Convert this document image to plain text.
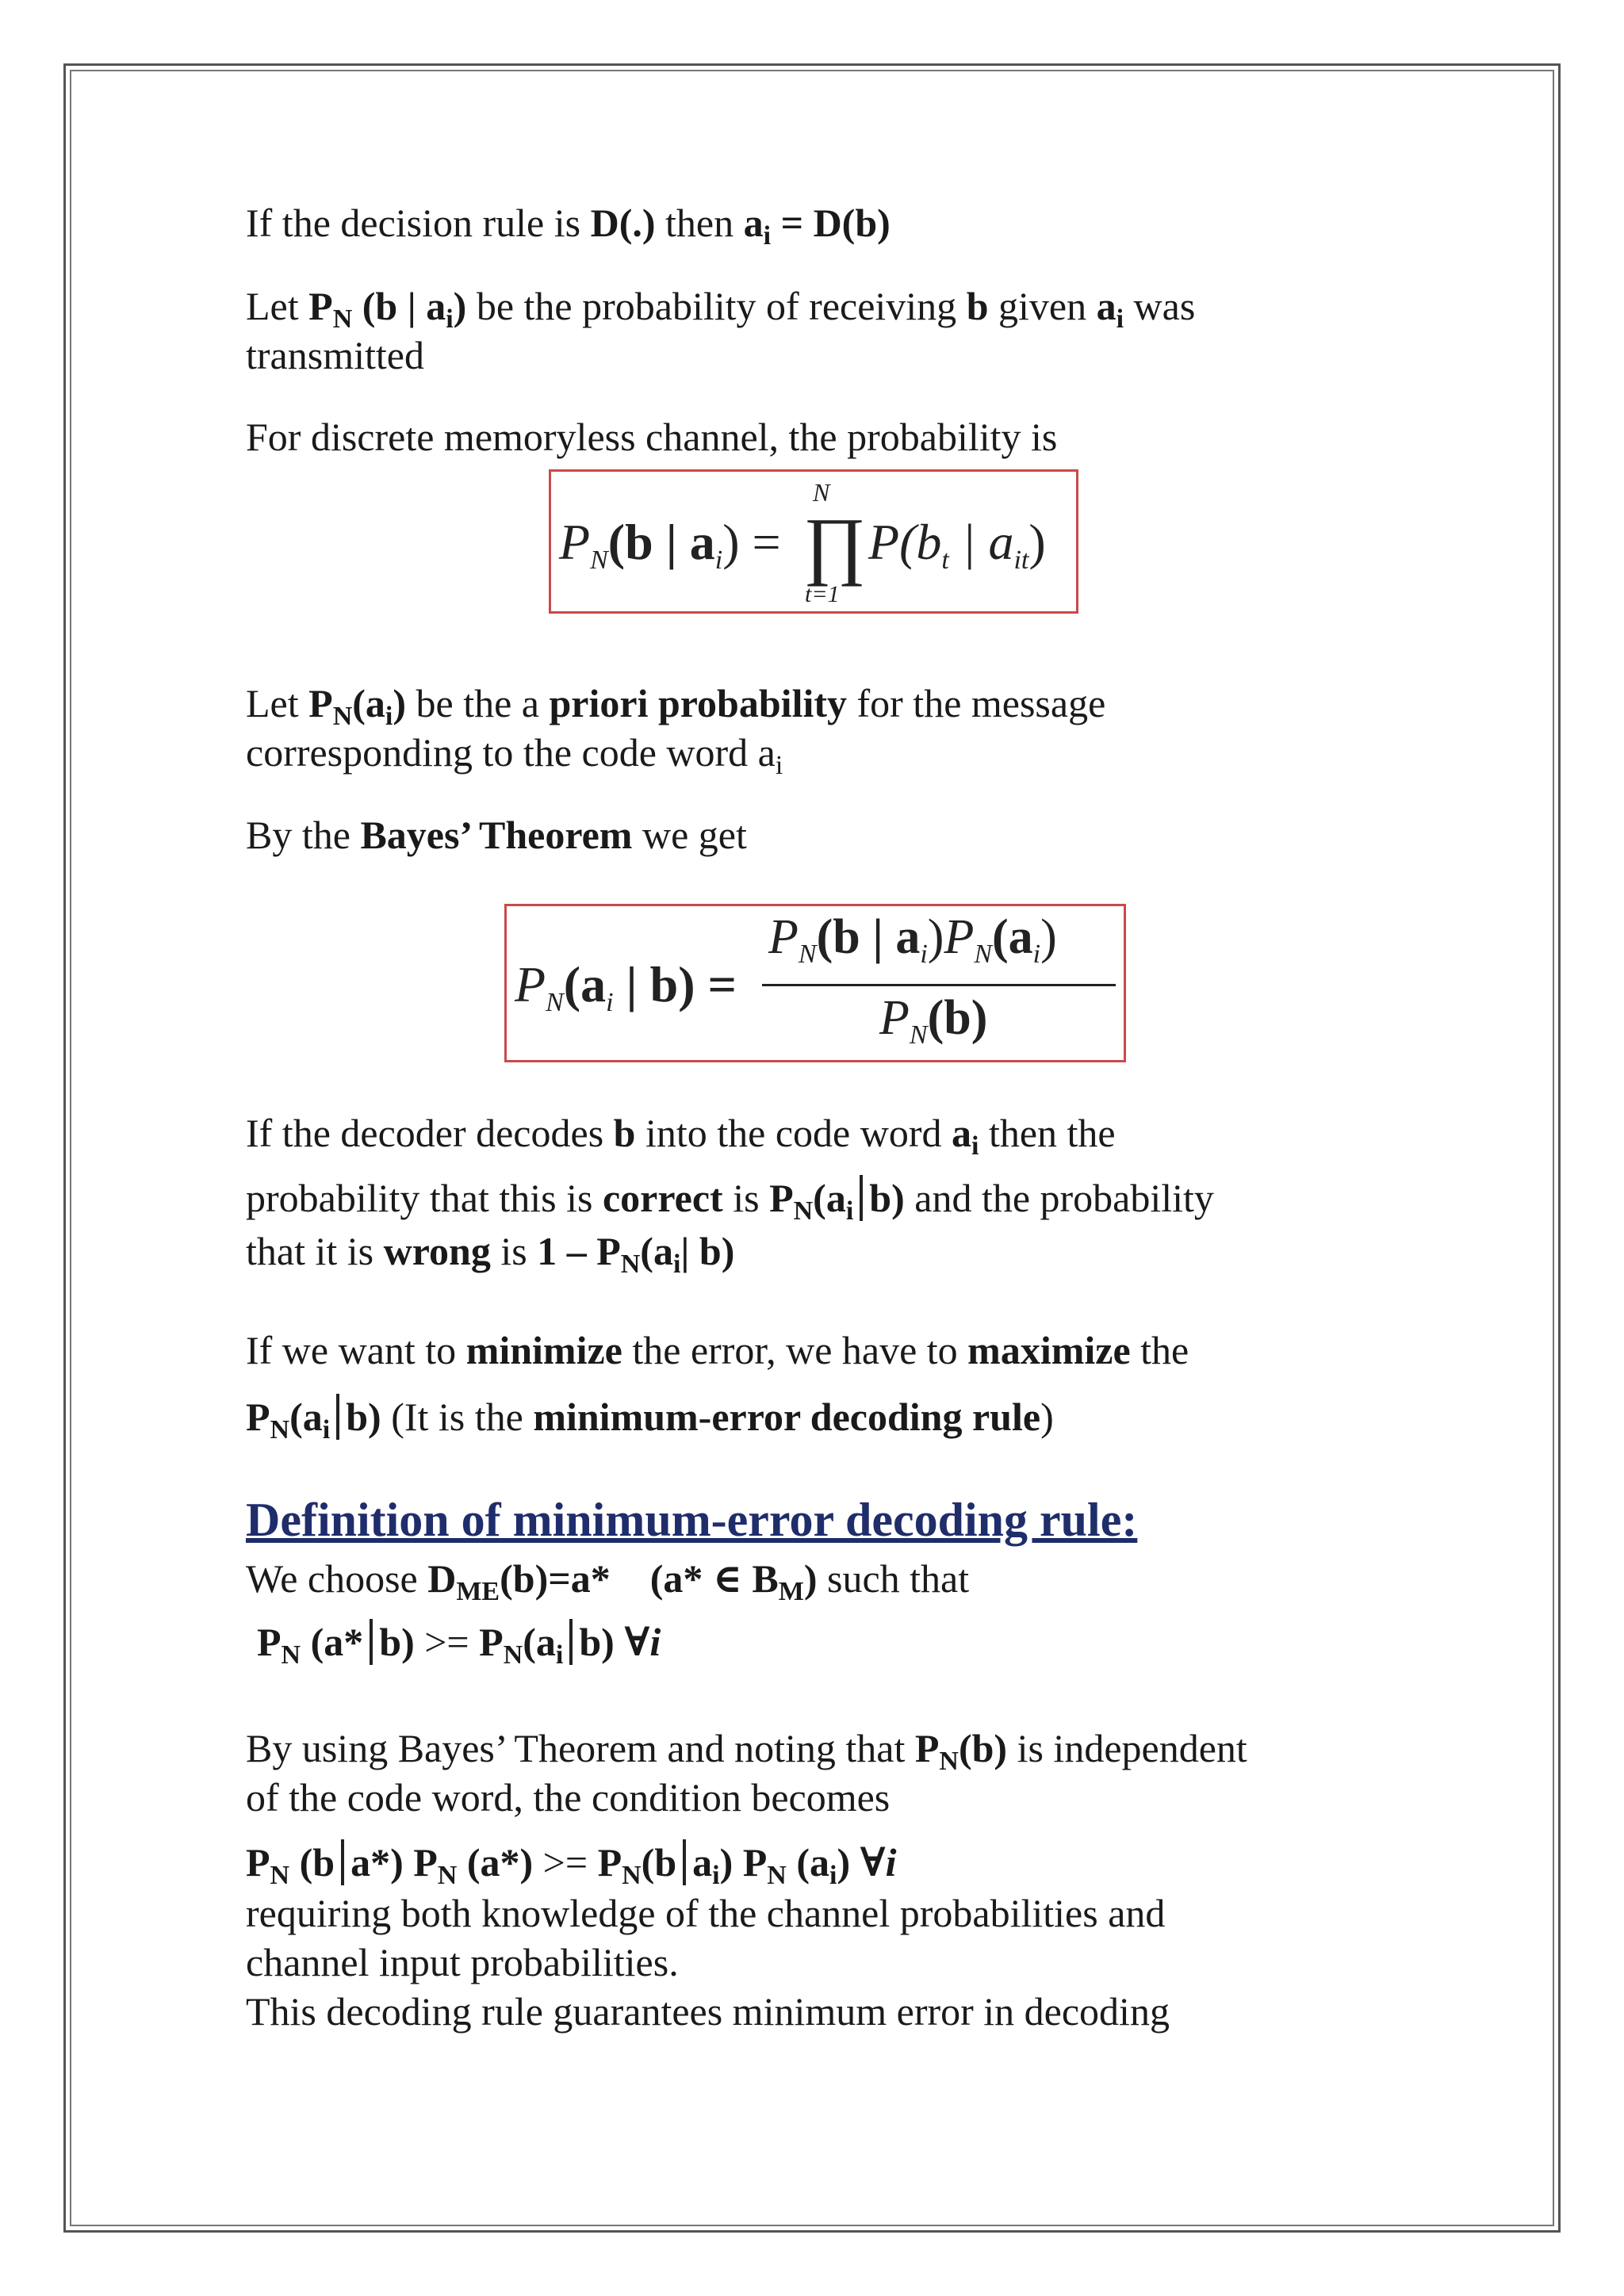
If the decision rule is D(.) then $a_i = D(b)$
Let $P_N$ (b | $a_i$) be the probability of receiving b given $a_i$ was
transmitted
For discrete memoryless channel, the probability is
PN(b | ai) =
N
∏
t=1
P(bt | ait)
Let $P_N(a_i)$ be the a priori probability for the message
corresponding to the code word $a_i$
By the Bayes’ Theorem we get
PN(ai | b) =
PN(b | ai)PN(ai)
PN(b)
If the decoder decodes b into the code word $a_i$ then the
probability that this is correct is $P_N(a_i$ b) and the probability
that it is wrong is $1 - P_N(a_i|$ b)
If we want to minimize the error, we have to maximize the
$P_N(a_i$ b) (It is the minimum-error decoding rule)
Definition of minimum-error decoding rule:
We choose $D_{ME}(b)=a*$ (a* ∈ $B_M$) such that
$P_N$ (a* $b) >= P_N(a_i$ b) ∀i
By using Bayes’ Theorem and noting that $P_N(b)$ is independent
of the code word, the condition becomes
$P_N$ (b a*) $P_N$ $(a*) >= P_N(b$ $a_i$) $P_N$ $(a_i)$ ∀i
requiring both knowledge of the channel probabilities and
channel input probabilities.
This decoding rule guarantees minimum error in decoding
